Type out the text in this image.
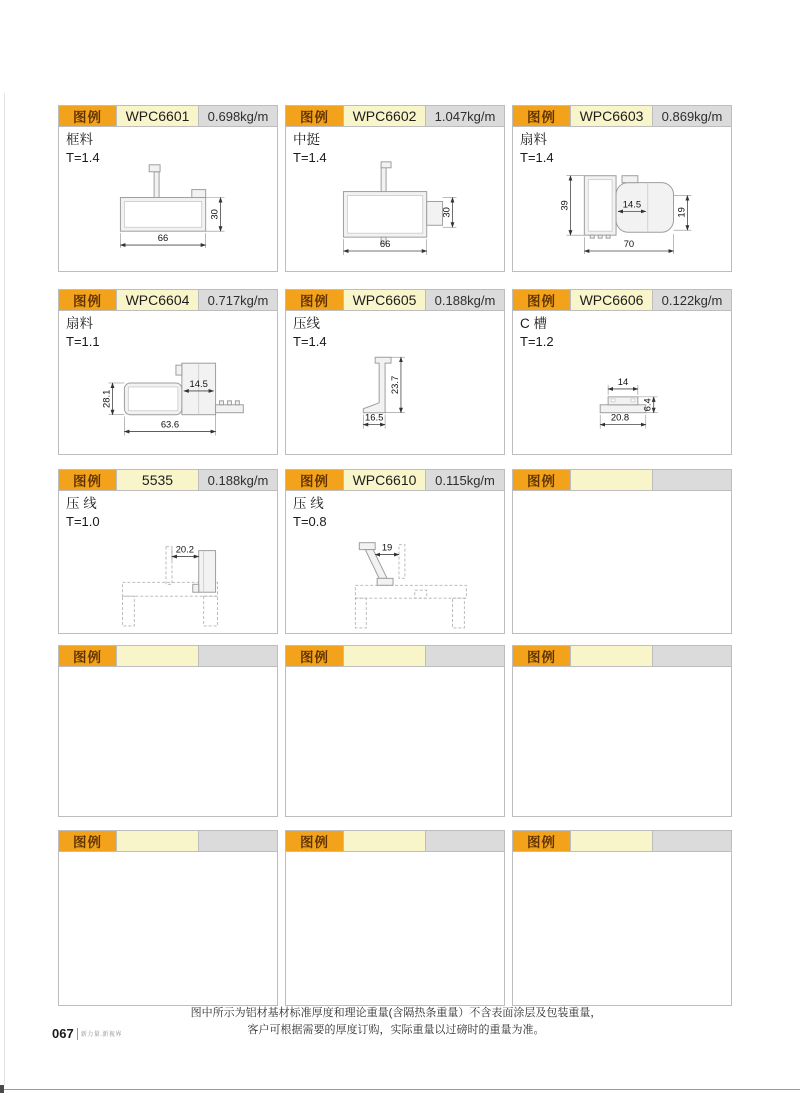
图例	WPC6601	0.698kg/m
框料
T=1.4
66
30
图例	WPC6602	1.047kg/m
中挺
T=1.4
66
30
图例	WPC6603	0.869kg/m
扇料
T=1.4
39	14.5
19
70
图例	WPC6604	0.717kg/m
扇料
T=1.1
28.1
14.5
63.6
图例	WPC6605	0.188kg/m
压线
T=1.4
23.7
16.5
图例	WPC6606	0.122kg/m
C 槽
T=1.2
14
6.4
20.8
图例	5535	0.188kg/m
压 线
T=1.0
20.2
图例	WPC6610	0.115kg/m
压 线
T=0.8
19
图例
图例	图例	图例
图例	图例	图例
图中所示为铝材基材标准厚度和理论重量(含隔热条重量）不含表面涂层及包装重量，
客户可根据需要的厚度订购，实际重量以过磅时的重量为准。
067 新力量.新视界
